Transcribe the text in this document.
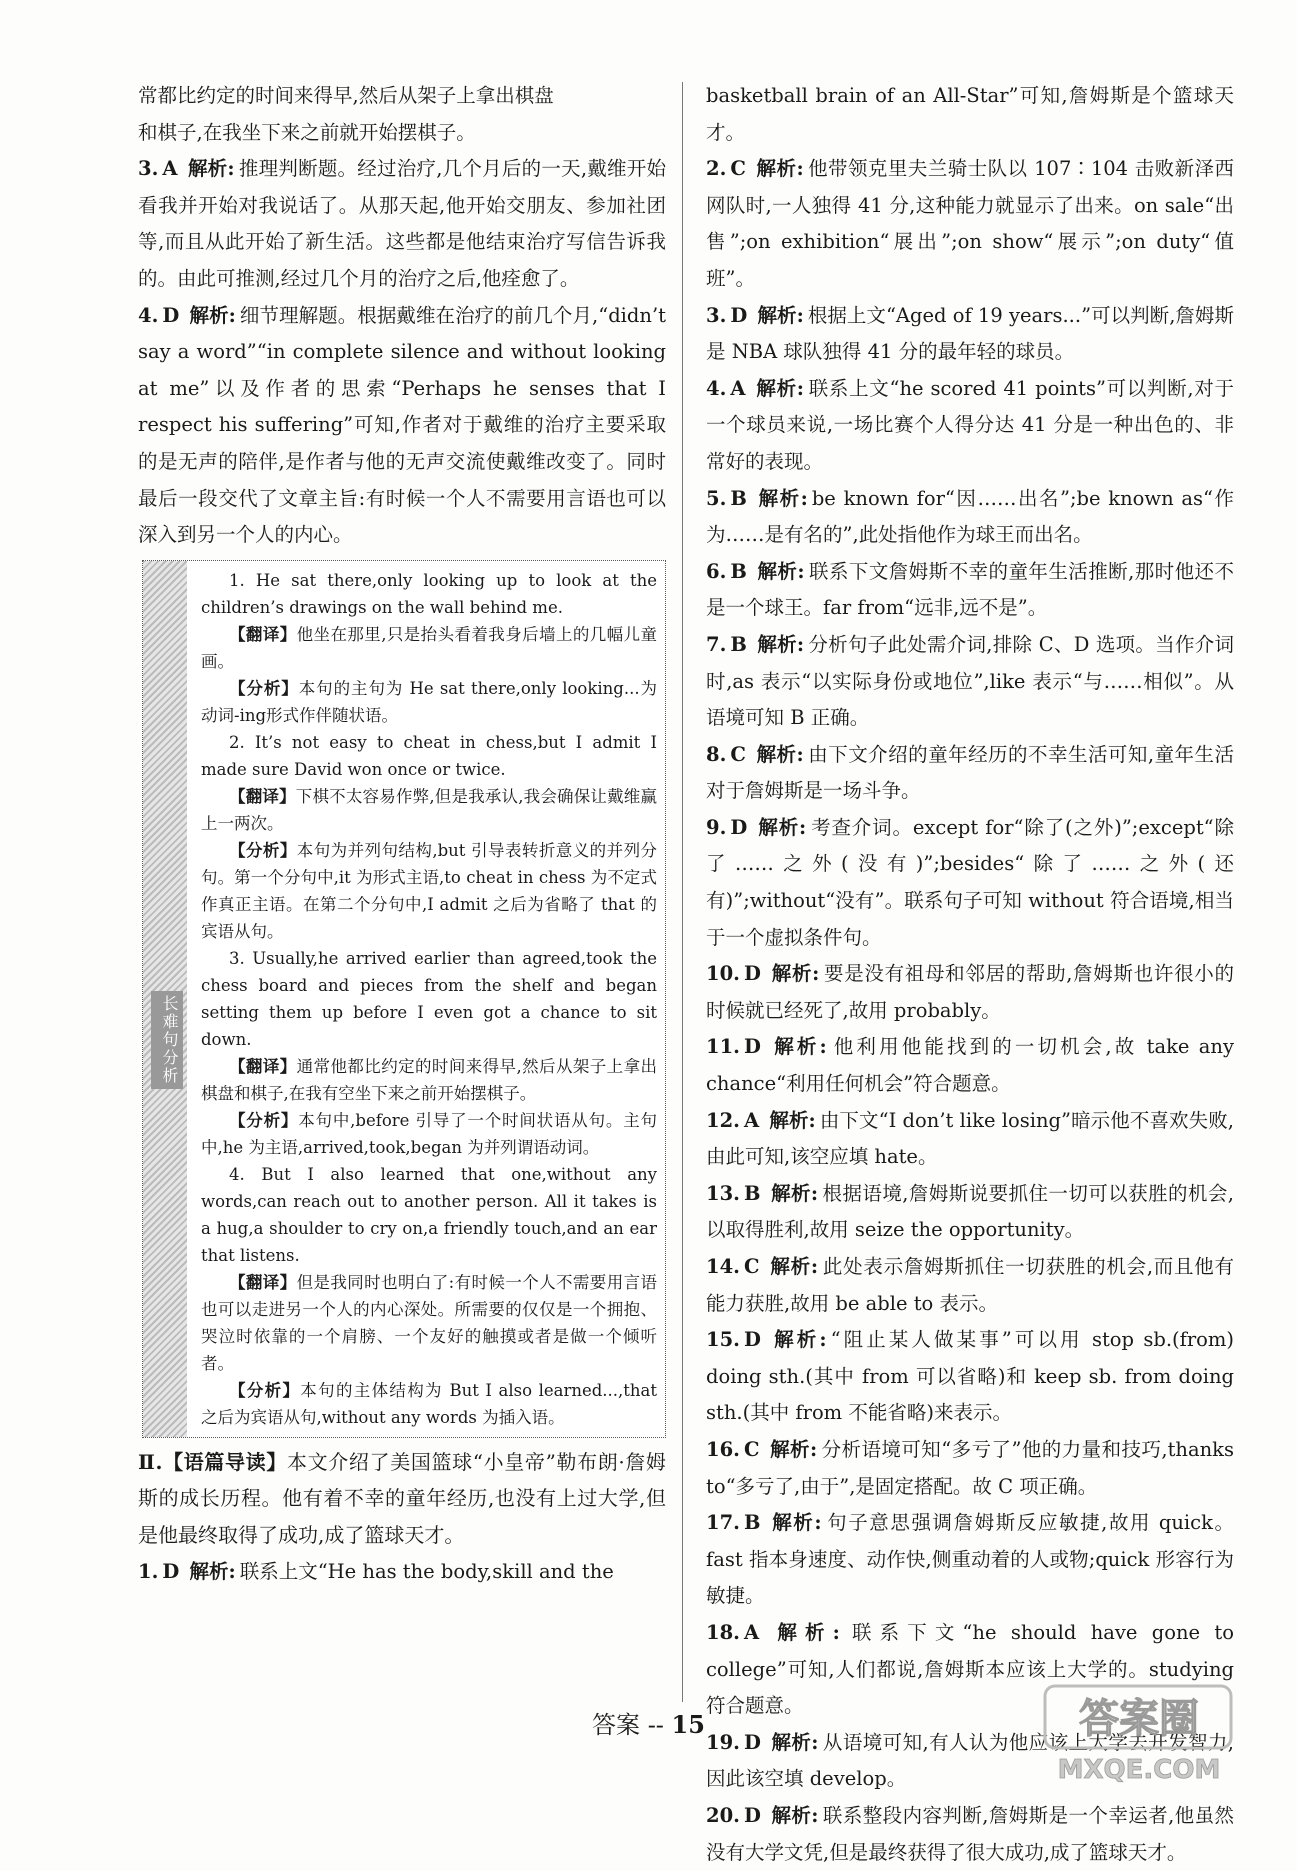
常都比约定的时间来得早,然后从架子上拿出棋盘

和棋子,在我坐下来之前就开始摆棋子。

3. A 解析: 推理判断题。经过治疗,几个月后的一天,戴维开始看我并开始对我说话了。从那天起,他开始交朋友、参加社团等,而且从此开始了新生活。这些都是他结束治疗写信告诉我的。由此可推测,经过几个月的治疗之后,他痊愈了。

4. D 解析: 细节理解题。根据戴维在治疗的前几个月,“didn’t say a word”“in complete silence and without looking at me”以及作者的思索“Perhaps he senses that I respect his suffering”可知,作者对于戴维的治疗主要采取的是无声的陪伴,是作者与他的无声交流使戴维改变了。同时最后一段交代了文章主旨:有时候一个人不需要用言语也可以深入到另一个人的内心。

长难句分析

1. He sat there,only looking up to look at the children’s drawings on the wall behind me.

【翻译】他坐在那里,只是抬头看着我身后墙上的几幅儿童画。

【分析】本句的主句为 He sat there,only looking...为动词-ing形式作伴随状语。

2. It’s not easy to cheat in chess,but I admit I made sure David won once or twice.

【翻译】下棋不太容易作弊,但是我承认,我会确保让戴维赢上一两次。

【分析】本句为并列句结构,but 引导表转折意义的并列分句。第一个分句中,it 为形式主语,to cheat in chess 为不定式作真正主语。在第二个分句中,I admit 之后为省略了 that 的宾语从句。

3. Usually,he arrived earlier than agreed,took the chess board and pieces from the shelf and began setting them up before I even got a chance to sit down.

【翻译】通常他都比约定的时间来得早,然后从架子上拿出棋盘和棋子,在我有空坐下来之前开始摆棋子。

【分析】本句中,before 引导了一个时间状语从句。主句中,he 为主语,arrived,took,began 为并列谓语动词。

4. But I also learned that one,without any words,can reach out to another person. All it takes is a hug,a shoulder to cry on,a friendly touch,and an ear that listens.

【翻译】但是我同时也明白了:有时候一个人不需要用言语也可以走进另一个人的内心深处。所需要的仅仅是一个拥抱、哭泣时依靠的一个肩膀、一个友好的触摸或者是做一个倾听者。

【分析】本句的主体结构为 But I also learned...,that 之后为宾语从句,without any words 为插入语。

Ⅱ.【语篇导读】本文介绍了美国篮球“小皇帝”勒布朗·詹姆斯的成长历程。他有着不幸的童年经历,也没有上过大学,但是他最终取得了成功,成了篮球天才。

1. D 解析: 联系上文“He has the body,skill and the

basketball brain of an All-Star”可知,詹姆斯是个篮球天才。

2. C 解析: 他带领克里夫兰骑士队以 107∶104 击败新泽西网队时,一人独得 41 分,这种能力就显示了出来。on sale“出售”;on exhibition“展出”;on show“展示”;on duty“值班”。

3. D 解析: 根据上文“Aged of 19 years...”可以判断,詹姆斯是 NBA 球队独得 41 分的最年轻的球员。

4. A 解析: 联系上文“he scored 41 points”可以判断,对于一个球员来说,一场比赛个人得分达 41 分是一种出色的、非常好的表现。

5. B 解析: be known for“因……出名”;be known as“作为……是有名的”,此处指他作为球王而出名。

6. B 解析: 联系下文詹姆斯不幸的童年生活推断,那时他还不是一个球王。far from“远非,远不是”。

7. B 解析: 分析句子此处需介词,排除 C、D 选项。当作介词时,as 表示“以实际身份或地位”,like 表示“与……相似”。从语境可知 B 正确。

8. C 解析: 由下文介绍的童年经历的不幸生活可知,童年生活对于詹姆斯是一场斗争。

9. D 解析: 考查介词。except for“除了(之外)”;except“除了……之外(没有)”;besides“除了……之外(还有)”;without“没有”。联系句子可知 without 符合语境,相当于一个虚拟条件句。

10. D 解析: 要是没有祖母和邻居的帮助,詹姆斯也许很小的时候就已经死了,故用 probably。

11. D 解析: 他利用他能找到的一切机会,故 take any chance“利用任何机会”符合题意。

12. A 解析: 由下文“I don’t like losing”暗示他不喜欢失败,由此可知,该空应填 hate。

13. B 解析: 根据语境,詹姆斯说要抓住一切可以获胜的机会,以取得胜利,故用 seize the opportunity。

14. C 解析: 此处表示詹姆斯抓住一切获胜的机会,而且他有能力获胜,故用 be able to 表示。

15. D 解析: “阻止某人做某事”可以用 stop sb.(from) doing sth.(其中 from 可以省略)和 keep sb. from doing sth.(其中 from 不能省略)来表示。

16. C 解析: 分析语境可知“多亏了”他的力量和技巧,thanks to“多亏了,由于”,是固定搭配。故 C 项正确。

17. B 解析: 句子意思强调詹姆斯反应敏捷,故用 quick。fast 指本身速度、动作快,侧重动着的人或物;quick 形容行为敏捷。

18. A 解析: 联系下文“he should have gone to college”可知,人们都说,詹姆斯本应该上大学的。studying 符合题意。

19. D 解析: 从语境可知,有人认为他应该上大学去开发智力,因此该空填 develop。

20. D 解析: 联系整段内容判断,詹姆斯是一个幸运者,他虽然没有大学文凭,但是最终获得了很大成功,成了篮球天才。

答案 -- 15	答案圈
MXQE.COM
